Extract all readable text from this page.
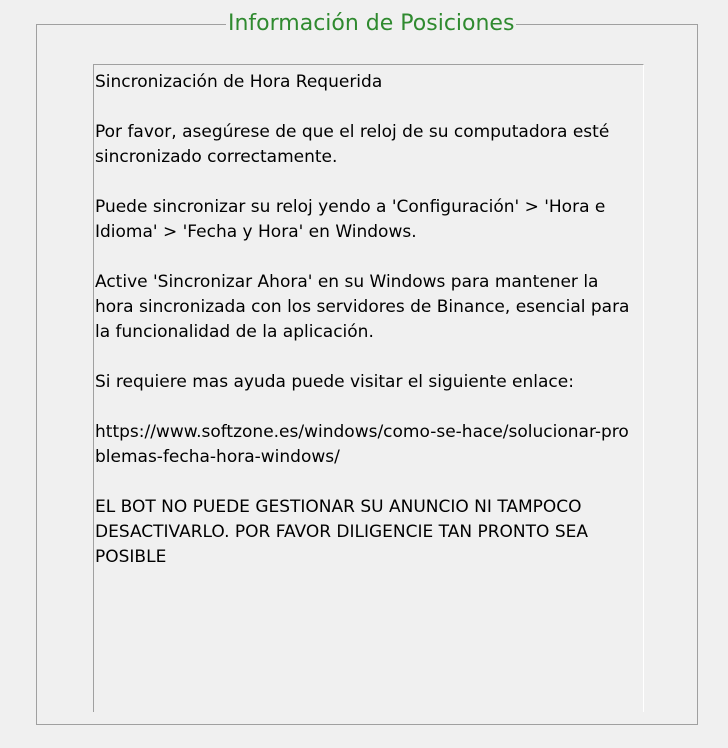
Información de Posiciones
Sincronización de Hora Requerida
Por favor, asegúrese de que el reloj de su computadora esté sincronizado correctamente.
Puede sincronizar su reloj yendo a 'Configuración' > 'Hora e Idioma' > 'Fecha y Hora' en Windows.
Active 'Sincronizar Ahora' en su Windows para mantener la hora sincronizada con los servidores de Binance, esencial para la funcionalidad de la aplicación.
Si requiere mas ayuda puede visitar el siguiente enlace:
https://www.softzone.es/windows/como-se-hace/solucionar-pro
blemas-fecha-hora-windows/
EL BOT NO PUEDE GESTIONAR SU ANUNCIO NI TAMPOCO DESACTIVARLO. POR FAVOR DILIGENCIE TAN PRONTO SEA POSIBLE
